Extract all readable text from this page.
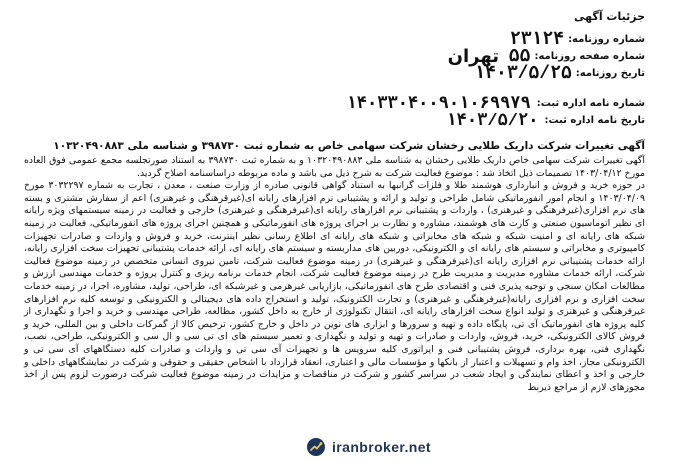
جزئیات آگهی
شماره روزنامه:
۲۳۱۲۴
تهران	شماره صفحه روزنامه:
۵۵
تاریخ روزنامه:
۱۴۰۳/۵/۲۵
شماره نامه اداره ثبت:
۱۴۰۳۳۰۴۰۰۹۰۱۰۶۹۹۷۹
تاریخ نامه اداره ثبت:
۱۴۰۳/۵/۲۰
آگهی تغییرات شرکت داریک طلایی رخشان شرکت سهامی خاص به شماره ثبت ۳۹۸۷۳۰ و شناسه ملی ۱۰۳۲۰۴۹۰۸۸۳

آگهی تغییرات شرکت سهامی خاص داریک طلایی رخشان به شناسه ملی ۱۰۳۲۰۴۹۰۸۸۳ و به شماره ثبت ۳۹۸۷۳۰ به استناد صورتجلسه مجمع عمومی فوق العاده مورخ ۱۴۰۳/۰۴/۱۲ تصمیمات ذیل اتخاذ شد : موضوع فعالیت شرکت به شرح ذیل می باشد و ماده مربوطه دراساسنامه اصلاح گردید.

در حوزه خرید و فروش و انبارداری هوشمند طلا و فلزات گرانبها به استناد گواهی قانونی صادره از وزارت صنعت ، معدن ، تجارت به شماره ۳۰۳۲۲۹۷ مورخ ۱۴۰۳/۰۴/۰۹ و انجام امور انفورماتیکی شامل طراحی و تولید و ارائه و پشتیبانی نرم افزارهای رایانه ای(غیرقرهنگی و غیرهنری) اعم از سفارش مشتری و بسته های نرم افزاری(غیرفرهنگی و غیرهنری) ، واردات و پشتیبانی نرم افزارهای رایانه ای(غیرفرهنگی و غیرهنری) خارجی و فعالیت در زمینه سیستمهای ویژه رایانه ای نظیر اتوماسیون صنعتی و کارت های هوشمند، مشاوره و نظارت بر اجرای پروژه های انفورماتیکی و همچنین اجرای پروژه های انفورماتیکی، فعالیت در زمینه شبکه های رایانه ای و امنیت شبکه و شبکه های مخابراتی و شبکه های رایانه ای اطلاع رسانی نظیر اینترنت، خرید و فروش و واردات و صادرات تجهیزات کامپیوتری و مخابراتی و سیستم های رایانه ای و الکترونیکی، دوربین های مداربسته و سیستم های رایانه ای، ارائه خدمات پشتیبانی تجهیزات سخت افزاری رایانه، ارائه خدمات پشتیبانی نرم افزاری رایانه ای(غیرفرهنگی و غیرهنری) در زمینه موضوع فعالیت شرکت، تامین نیروی انسانی متخصص در زمینه موضوع فعالیت شرکت، ارائه خدمات مشاوره مدیریت و مدیریت طرح در زمینه موضوع فعالیت شرکت، انجام خدمات برنامه ریزی و کنترل پروژه و خدمات مهندسی ارزش و مطالعات امکان سنجی و توجیه پذیری فنی و اقتصادی طرح های انفورماتیکی، بازاریابی غیرهرمی و غیرشبکه ای، طراحی، تولید، مشاوره، اجرا، در زمینه خدمات سخت افزاری و نرم افزاری رایانه(غیرفرهنگی و غیرهنری) و تجارت الکترونیک، تولید و استخراج داده های دیجیتالی و الکترونیکی و توسعه کلیه نرم افزارهای غیرفرهنگی و غیرهنری و تولید انواع سخت افزارهای رایانه ای، انتقال تکنولوژی از خارج به داخل کشور، مطالعه، طراحی مهندسی و خرید و اجرا و نگهداری از کلیه پروژه های انفورماتیک آی تی، پایگاه داده و تهیه و سرورها و ابزاری های نوین در داخل و خارج کشور، ترخیص کالا از گمرکات داخلی و بین المللی، خرید و فروش کالای الکترونیکی، خرید، فروش، واردات و صادرات و تهیه و تولید و نگهداری و تعمیر سیستم های ای تی سی و ال سی و الکترونیکی، طراحی، نصب، نگهداری فنی، بهره برداری، فروش پشتیبانی فنی و اپراتوری کلیه سرویس ها و تجهیزات آی سی تی و واردات و صادرات کلیه دستگاههای آی سی تی و الکترونیکی مجاز، اخذ وام و تسهیلات و اعتبار از بانکها و مؤسسات مالی و اعتباری، انعقاد قرارداد با اشخاص حقیقی و حقوقی و شرکت در نمایشگاههای داخلی و خارجی و اخذ و اعطای نمایندگی و ایجاد شعب در سراسر کشور و شرکت در مناقصات و مزایدات در زمینه موضوع فعالیت شرکت درصورت لزوم پس از اخذ مجوزهای لازم از مراجع ذیربط

iranbroker.net
